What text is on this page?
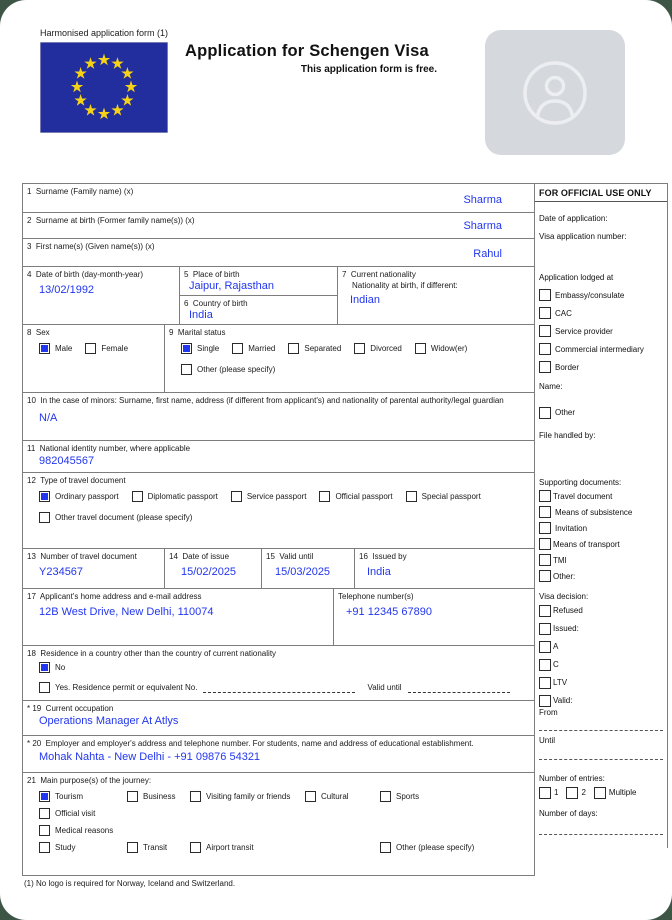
Harmonised application form (1)
Application for Schengen Visa
This application form is free.
1  Surname (Family name) (x)
Sharma
2  Surname at birth (Former family name(s)) (x)	Sharma
3  First name(s) (Given name(s)) (x)
Rahul
4  Date of birth (day-month-year)
13/02/1992
5  Place of birth
Jaipur, Rajasthan
6  Country of birth
India
7  Current nationality
Nationality at birth, if different:
Indian
8  Sex
Male	Female
9  Marital status
Single	Married	Separated	Divorced	Widow(er)
Other (please specify)
10  In the case of minors: Surname, first name, address (if different from applicant's) and nationality of parental authority/legal guardian
N/A
11  National identity number, where applicable
982045567
12  Type of travel document
Ordinary passport	Diplomatic passport	Service passport	Official passport	Special passport
Other travel document (please specify)
13  Number of travel document
Y234567
14  Date of issue
15/02/2025
15  Valid until
15/03/2025
16  Issued by
India
17  Applicant's home address and e-mail address
12B West Drive, New Delhi, 110074
Telephone number(s)
+91 12345 67890
18  Residence in a country other than the country of current nationality
No
Yes. Residence permit or equivalent No.	Valid until
* 19  Current occupation
Operations Manager At Atlys
* 20  Employer and employer's address and telephone number. For students, name and address of educational establishment.
Mohak Nahta - New Delhi - +91 09876 54321
21  Main purpose(s) of the journey:
Tourism	Business	Visiting family or friends	Cultural	Sports
Official visit
Medical reasons
Study	Transit	Airport transit	Other (please specify)
FOR OFFICIAL USE ONLY
Date of application:
Visa application number:
Application lodged at
Embassy/consulate
CAC
Service provider
Commercial intermediary
Border
Name:
Other
File handled by:
Supporting documents:
Travel document
Means of subsistence
Invitation
Means of transport
TMI
Other:
Visa decision:
Refused
Issued:
A
C
LTV
Valid:
From
Until
Number of entries:
1	2	Multiple
Number of days:
(1) No logo is required for Norway, Iceland and Switzerland.
